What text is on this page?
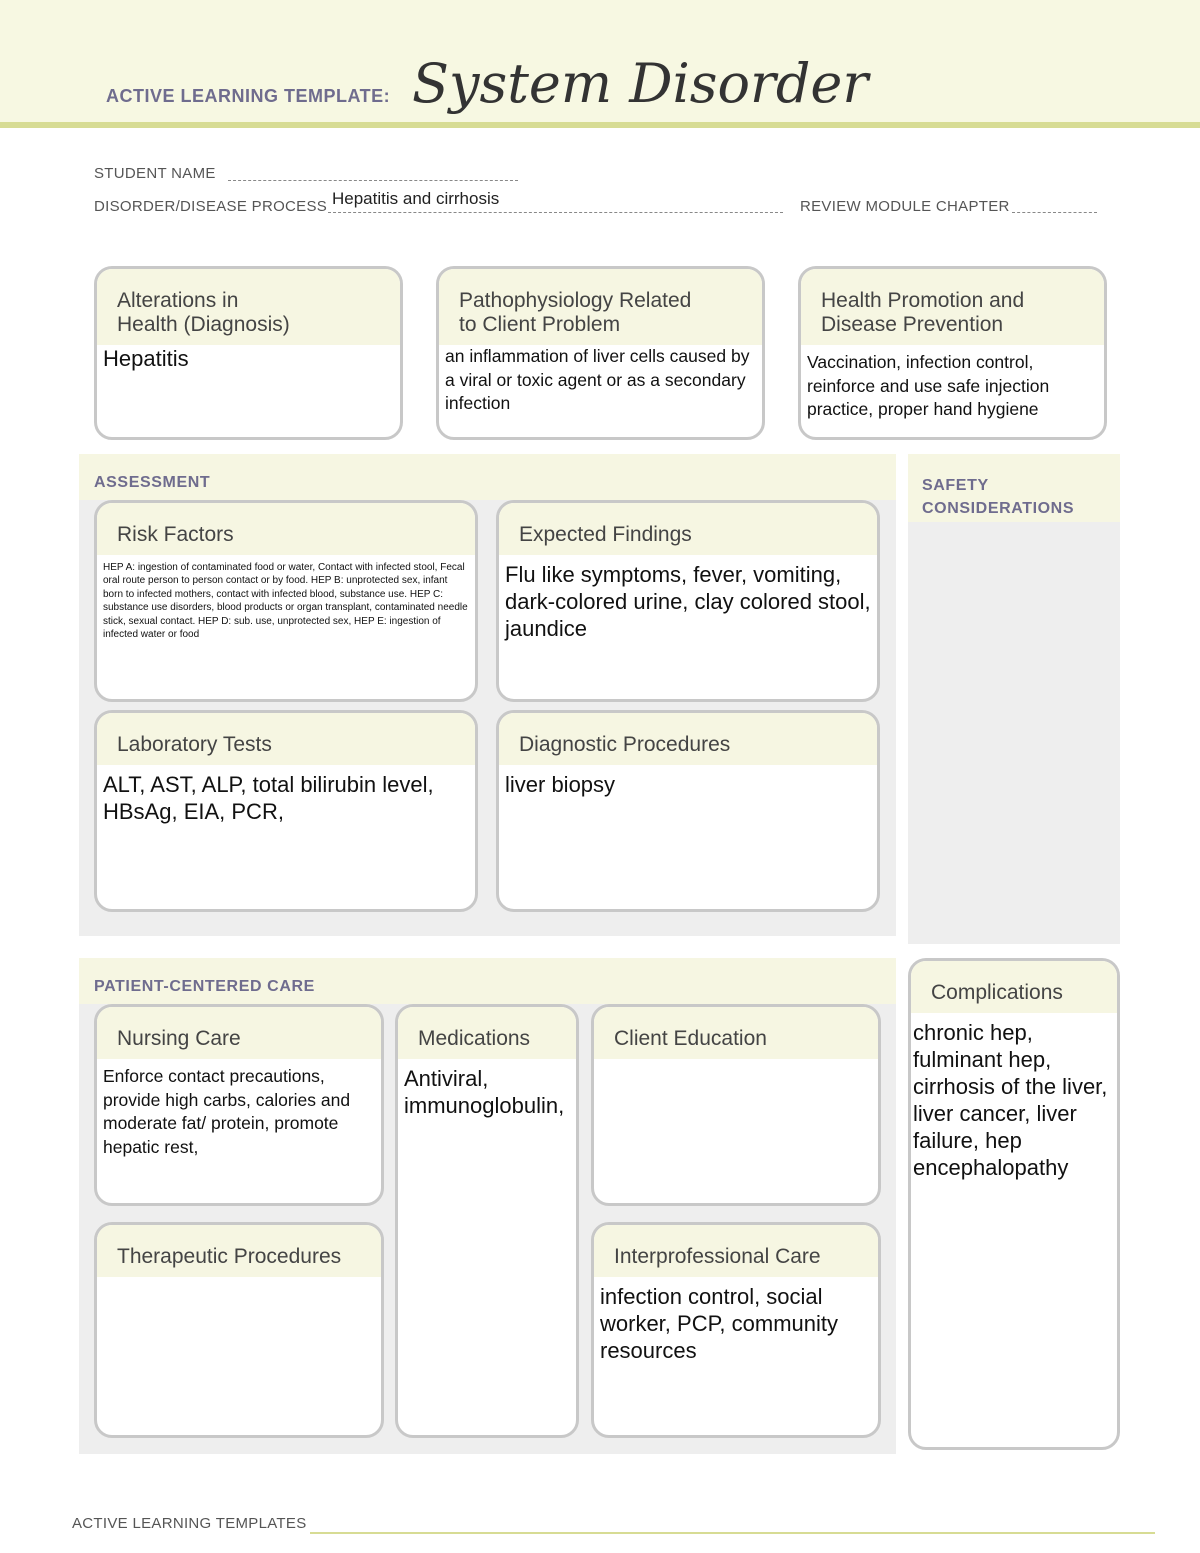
ACTIVE LEARNING TEMPLATE: System Disorder
STUDENT NAME
DISORDER/DISEASE PROCESS Hepatitis and cirrhosis	REVIEW MODULE CHAPTER
Alterations in
Health (Diagnosis)
Hepatitis
Pathophysiology Related
to Client Problem
an inflammation of liver cells caused by a viral or toxic agent or as a secondary infection
Health Promotion and
Disease Prevention
Vaccination, infection control, reinforce and use safe injection practice, proper hand hygiene
ASSESSMENT
Risk Factors
HEP A: ingestion of contaminated food or water, Contact with infected stool, Fecal oral route person to person contact or by food. HEP B: unprotected sex, infant born to infected mothers, contact with infected blood, substance use. HEP C: substance use disorders, blood products or organ transplant, contaminated needle stick, sexual contact. HEP D: sub. use, unprotected sex, HEP E: ingestion of infected water or food
Expected Findings
Flu like symptoms, fever, vomiting, dark-colored urine, clay colored stool, jaundice
Laboratory Tests
ALT, AST, ALP, total bilirubin level, HBsAg, EIA, PCR,
Diagnostic Procedures
liver biopsy
SAFETY
CONSIDERATIONS
PATIENT-CENTERED CARE
Nursing Care
Enforce contact precautions, provide high carbs, calories and moderate fat/ protein, promote hepatic rest,
Medications
Antiviral, immunoglobulin,
Client Education
Therapeutic Procedures	Interprofessional Care
infection control, social worker, PCP, community resources
Complications
chronic hep, fulminant hep, cirrhosis of the liver, liver cancer, liver failure, hep encephalopathy
ACTIVE LEARNING TEMPLATES
